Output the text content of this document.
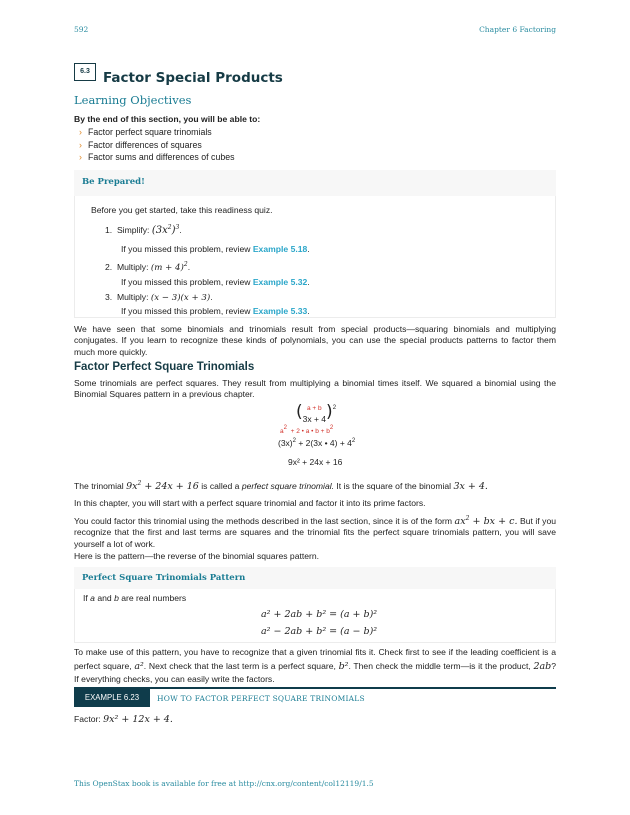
592	Chapter 6 Factoring
6.3 Factor Special Products
Learning Objectives
By the end of this section, you will be able to:
› Factor perfect square trinomials
› Factor differences of squares
› Factor sums and differences of cubes
Be Prepared!
Before you get started, take this readiness quiz.
1. Simplify: $(3x^2)^3$.
If you missed this problem, review Example 5.18.
2. Multiply: $(m + 4)^2$.
If you missed this problem, review Example 5.32.
3. Multiply: (x − 3)(x + 3).
If you missed this problem, review Example 5.33.
We have seen that some binomials and trinomials result from special products—squaring binomials and multiplying conjugates. If you learn to recognize these kinds of polynomials, you can use the special products patterns to factor them much more quickly.
Factor Perfect Square Trinomials
Some trinomials are perfect squares. They result from multiplying a binomial times itself. We squared a binomial using the Binomial Squares pattern in a previous chapter.
( a + b
3x + 4)$^2$
$a^2 + 2$ • a • $b + b^2$
$(3x)^2 + 2(3x$ • $4) + 4^2$
9x² + 24x + 16
The trinomial $9x^2 + 24x + 16$ is called a perfect square trinomial. It is the square of the binomial 3x + 4.
In this chapter, you will start with a perfect square trinomial and factor it into its prime factors.
You could factor this trinomial using the methods described in the last section, since it is of the form $ax^2$ + bx + c. But if you recognize that the first and last terms are squares and the trinomial fits the perfect square trinomials pattern, you will save yourself a lot of work.
Here is the pattern—the reverse of the binomial squares pattern.
Perfect Square Trinomials Pattern
If a and b are real numbers
a² + 2ab + b² = (a + b)²
a² − 2ab + b² = (a − b)²
To make use of this pattern, you have to recognize that a given trinomial fits it. Check first to see if the leading coefficient is a perfect square, a². Next check that the last term is a perfect square, b². Then check the middle term—is it the product, 2ab? If everything checks, you can easily write the factors.
EXAMPLE 6.23	HOW TO FACTOR PERFECT SQUARE TRINOMIALS
Factor: 9x² + 12x + 4.
This OpenStax book is available for free at http://cnx.org/content/col12119/1.5
